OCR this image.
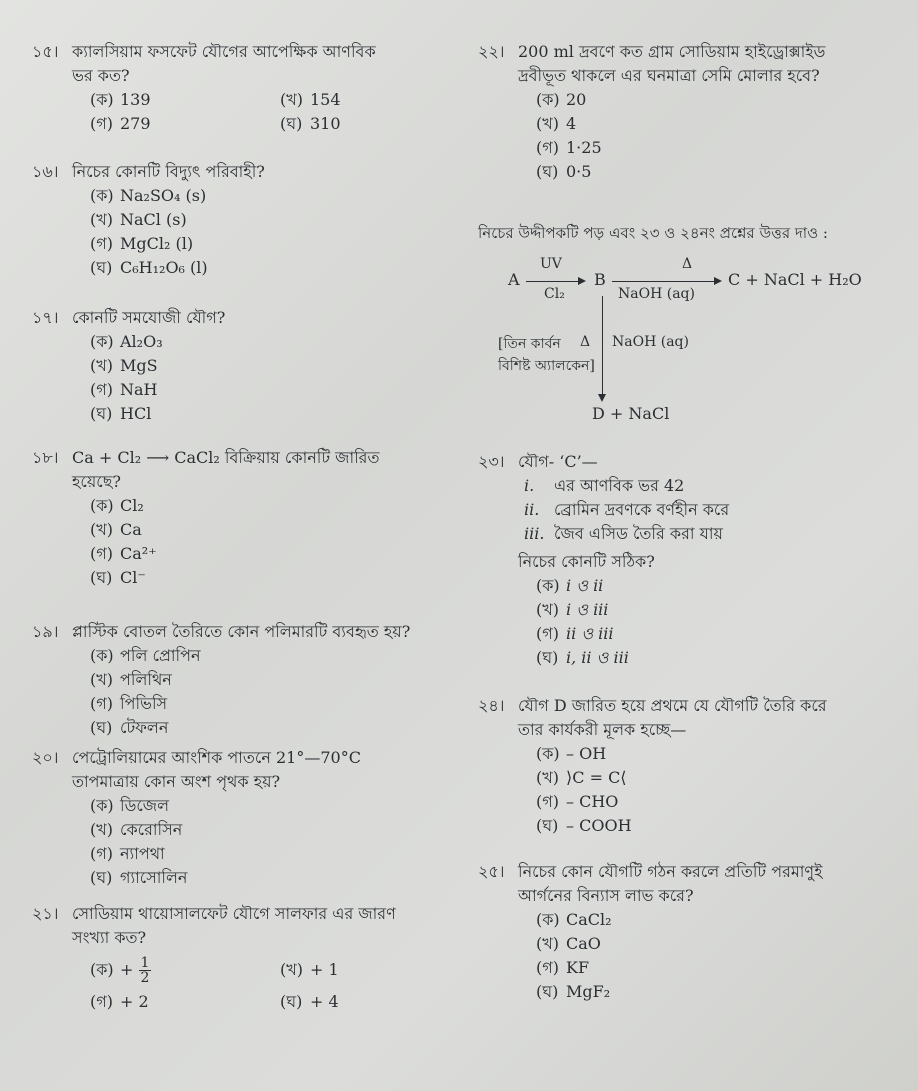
১৫। ক্যালসিয়াম ফসফেট যৌগের আপেক্ষিক আণবিক
ভর কত?
(ক) 139	(খ) 154
(গ) 279	(ঘ) 310
১৬। নিচের কোনটি বিদ্যুৎ পরিবাহী?
(ক) Na₂SO₄ (s)
(খ) NaCl (s)
(গ) MgCl₂ (l)
(ঘ) C₆H₁₂O₆ (l)
১৭। কোনটি সমযোজী যৌগ?
(ক) Al₂O₃
(খ) MgS
(গ) NaH
(ঘ) HCl
১৮। Ca + Cl₂ ⟶ CaCl₂ বিক্রিয়ায় কোনটি জারিত
হয়েছে?
(ক) Cl₂
(খ) Ca
(গ) Ca²⁺
(ঘ) Cl⁻
১৯। প্লাস্টিক বোতল তৈরিতে কোন পলিমারটি ব্যবহৃত হয়?
(ক) পলি প্রোপিন
(খ) পলিথিন
(গ) পিভিসি
(ঘ) টেফলন
২০। পেট্রোলিয়ামের আংশিক পাতনে 21°—70°C
তাপমাত্রায় কোন অংশ পৃথক হয়?
(ক) ডিজেল
(খ) কেরোসিন
(গ) ন্যাপথা
(ঘ) গ্যাসোলিন
২১। সোডিয়াম থায়োসালফেট যৌগে সালফার এর জারণ
সংখ্যা কত?
(ক) + $\frac{1}{2}$	(খ) + 1
(গ) + 2	(ঘ) + 4
২২। 200 ml দ্রবণে কত গ্রাম সোডিয়াম হাইড্রোক্সাইড
দ্রবীভূত থাকলে এর ঘনমাত্রা সেমি মোলার হবে?
(ক) 20
(খ) 4
(গ) 1·25
(ঘ) 0·5
নিচের উদ্দীপকটি পড় এবং ২৩ ও ২৪নং প্রশ্নের উত্তর দাও :
A
UV
Cl₂
B
Δ
NaOH (aq)
C + NaCl + H₂O
[তিন কার্বন
বিশিষ্ট অ্যালকেন]
Δ NaOH (aq)
D + NaCl
২৩। যৌগ- ‘C’—
i. এর আণবিক ভর 42
ii. ব্রোমিন দ্রবণকে বর্ণহীন করে
iii. জৈব এসিড তৈরি করা যায়
নিচের কোনটি সঠিক?
(ক) i ও ii
(খ) i ও iii
(গ) ii ও iii
(ঘ) i, ii ও iii
২৪। যৌগ D জারিত হয়ে প্রথমে যে যৌগটি তৈরি করে
তার কার্যকরী মূলক হচ্ছে—
(ক) – OH
(খ) ⟩C = C⟨
(গ) – CHO
(ঘ) – COOH
২৫। নিচের কোন যৌগটি গঠন করলে প্রতিটি পরমাণুই
আর্গনের বিন্যাস লাভ করে?
(ক) CaCl₂
(খ) CaO
(গ) KF
(ঘ) MgF₂
